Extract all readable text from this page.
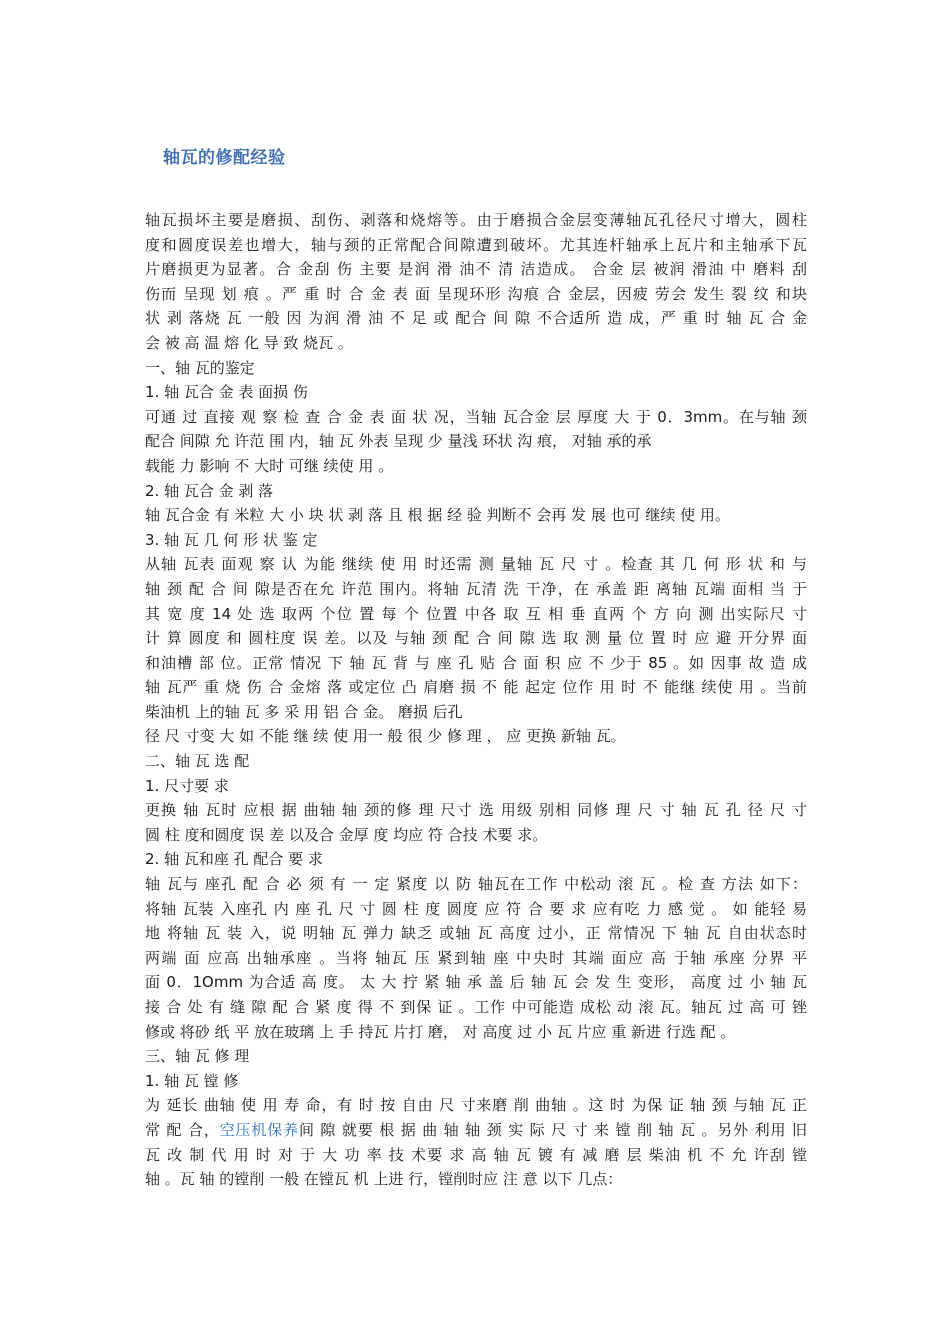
轴瓦的修配经验
轴瓦损坏主要是磨损、刮伤、剥落和烧熔等。由于磨损合金层变薄轴瓦孔径尺寸增大，圆柱
度和圆度误差也增大，轴与颈的正常配合间隙遭到破坏。尤其连杆轴承上瓦片和主轴承下瓦
片磨损更为显著。合 金刮 伤 主要 是润 滑 油不 清 洁造成。 合金 层 被润 滑油 中 磨料 刮
伤而 呈现 划 痕 。严 重 时 合 金 表 面 呈现环形 沟痕 合 金层，因疲 劳会 发生 裂 纹 和块
状 剥 落烧 瓦 一般 因 为润 滑 油 不 足 或 配合 间 隙 不合适所 造 成，严 重 时 轴 瓦 合 金
会 被 高 温 熔 化 导 致 烧瓦 。
一、轴 瓦的鉴定
1. 轴 瓦合 金 表 面损 伤
可通 过 直接 观 察 检 查 合 金 表 面 状 况，当轴 瓦合金 层 厚度 大 于 0．3mm。在与轴 颈
配合 间隙 允 许范 围 内，轴 瓦 外表 呈现 少 量浅 环状 沟 痕， 对轴 承的承
载能 力 影响 不 大时 可继 续使 用 。
2. 轴 瓦合 金 剥 落
轴 瓦合金 有 米粒 大 小 块 状 剥 落 且 根 据 经 验 判断不 会再 发 展 也可 继续 使 用。
3. 轴 瓦 几 何 形 状 鉴 定
从轴 瓦表 面观 察 认 为能 继续 使 用 时还需 测 量轴 瓦 尺 寸 。检查 其 几 何 形 状 和 与
轴 颈 配 合 间 隙是否在允 许范 围内。将轴 瓦清 洗 干净，在 承盖 距 离轴 瓦端 面相 当 于
其 宽 度 14 处 选 取两 个位 置 每 个 位置 中各 取 互 相 垂 直两 个 方 向 测 出实际尺 寸
计 算 圆度 和 圆柱度 误 差。以及 与轴 颈 配 合 间 隙 选 取 测 量 位 置 时 应 避 开分界 面
和油槽 部 位。正常 情况 下 轴 瓦 背 与 座 孔 贴 合 面 积 应 不 少于 85 。如 因事 故 造 成
轴 瓦严 重 烧 伤 合 金熔 落 或定位 凸 肩磨 损 不 能 起定 位作 用 时 不 能继 续使 用 。当前
柴油机 上的轴 瓦 多 采 用 铝 合 金。 磨损 后孔
径 尺 寸变 大 如 不能 继 续 使 用一 般 很 少 修 理 ， 应 更换 新轴 瓦。
二、轴 瓦 选 配
1. 尺寸要 求
更换 轴 瓦时 应根 据 曲轴 轴 颈的修 理 尺寸 选 用级 别相 同修 理 尺 寸 轴 瓦 孔 径 尺 寸
圆 柱 度和圆度 误 差 以及合 金厚 度 均应 符 合技 术要 求。
2. 轴 瓦和座 孔 配合 要 求
轴 瓦与 座孔 配 合 必 须 有 一 定 紧度 以 防 轴瓦在工作 中松动 滚 瓦 。检 查 方法 如下：
将轴 瓦装 入座孔 内 座 孔 尺 寸 圆 柱 度 圆度 应 符 合 要 求 应有吃 力 感 觉 。 如 能轻 易
地 将轴 瓦 装 入，说 明轴 瓦 弹力 缺乏 或轴 瓦 高度 过小，正 常情况 下 轴 瓦 自由状态时
两端 面 应高 出轴承座 。当将 轴瓦 压 紧到轴 座 中央时 其端 面应 高 于轴 承座 分界 平
面 0．1Omm 为合适 高 度。 太 大 拧 紧 轴 承 盖 后 轴 瓦 会 发 生 变形， 高度 过 小 轴 瓦
接 合 处 有 缝 隙 配 合 紧 度 得 不 到保 证 。工作 中可能造 成松 动 滚 瓦。轴瓦 过 高 可 锉
修或 将砂 纸 平 放在玻璃 上 手 持瓦 片打 磨， 对 高度 过 小 瓦 片应 重 新进 行选 配 。
三、轴 瓦 修 理
1. 轴 瓦 镗 修
为 延长 曲轴 使 用 寿 命，有 时 按 自由 尺 寸来磨 削 曲轴 。这 时 为保 证 轴 颈 与轴 瓦 正
常 配 合，空压机保养间 隙 就要 根 据 曲 轴 轴 颈 实 际 尺 寸 来 镗 削 轴 瓦 。另外 利用 旧
瓦 改 制 代 用 时 对 于 大 功 率 技 术要 求 高 轴 瓦 镀 有 减 磨 层 柴油 机 不 允 许刮 镗
轴 。瓦 轴 的镗削 一般 在镗瓦 机 上进 行，镗削时应 注 意 以下 几点：
